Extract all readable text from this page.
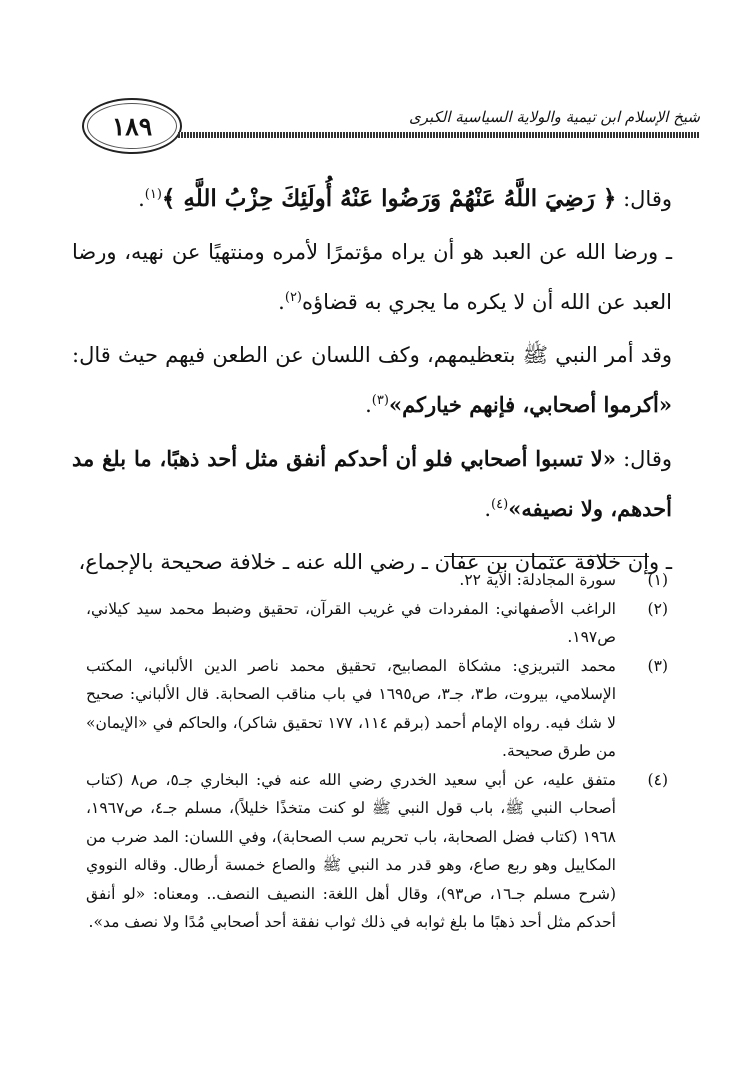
١٨٩	شيخ الإسلام ابن تيمية والولاية السياسية الكبرى

وقال: ﴿ رَضِيَ اللَّهُ عَنْهُمْ وَرَضُوا عَنْهُ أُولَئِكَ حِزْبُ اللَّهِ ﴾$^{(١)}$.

ـ ورضا الله عن العبد هو أن يراه مؤتمرًا لأمره ومنتهيًا عن نهيه، ورضا العبد عن الله أن لا يكره ما يجري به قضاؤه$^{(٢)}$.

وقد أمر النبي ﷺ بتعظيمهم، وكف اللسان عن الطعن فيهم حيث قال: «أكرموا أصحابي، فإنهم خياركم»$^{(٣)}$.

وقال: «لا تسبوا أصحابي فلو أن أحدكم أنفق مثل أحد ذهبًا، ما بلغ مد أحدهم، ولا نصيفه»$^{(٤)}$.

ـ وإن خلافة عثمان بن عفان ـ رضي الله عنه ـ خلافة صحيحة بالإجماع،

(١)
سورة المجادلة: الآية ٢٢.
(٢)
الراغب الأصفهاني: المفردات في غريب القرآن، تحقيق وضبط محمد سيد كيلاني، ص١٩٧.
(٣)
محمد التبريزي: مشكاة المصابيح، تحقيق محمد ناصر الدين الألباني، المكتب الإسلامي، بيروت، ط٣، جـ٣، ص١٦٩٥ في باب مناقب الصحابة. قال الألباني: صحيح لا شك فيه. رواه الإمام أحمد (برقم ١١٤، ١٧٧ تحقيق شاكر)، والحاكم في «الإيمان» من طرق صحيحة.
(٤)
متفق عليه، عن أبي سعيد الخدري رضي الله عنه في: البخاري جـ٥، ص٨ (كتاب أصحاب النبي ﷺ، باب قول النبي ﷺ لو كنت متخذًا خليلاً)، مسلم جـ٤، ص١٩٦٧، ١٩٦٨ (كتاب فضل الصحابة، باب تحريم سب الصحابة)، وفي اللسان: المد ضرب من المكاييل وهو ربع صاع، وهو قدر مد النبي ﷺ والصاع خمسة أرطال. وقاله النووي (شرح مسلم جـ١٦، ص٩٣)، وقال أهل اللغة: النصيف النصف.. ومعناه: «لو أنفق أحدكم مثل أحد ذهبًا ما بلغ ثوابه في ذلك ثواب نفقة أحد أصحابي مُدًا ولا نصف مد».
